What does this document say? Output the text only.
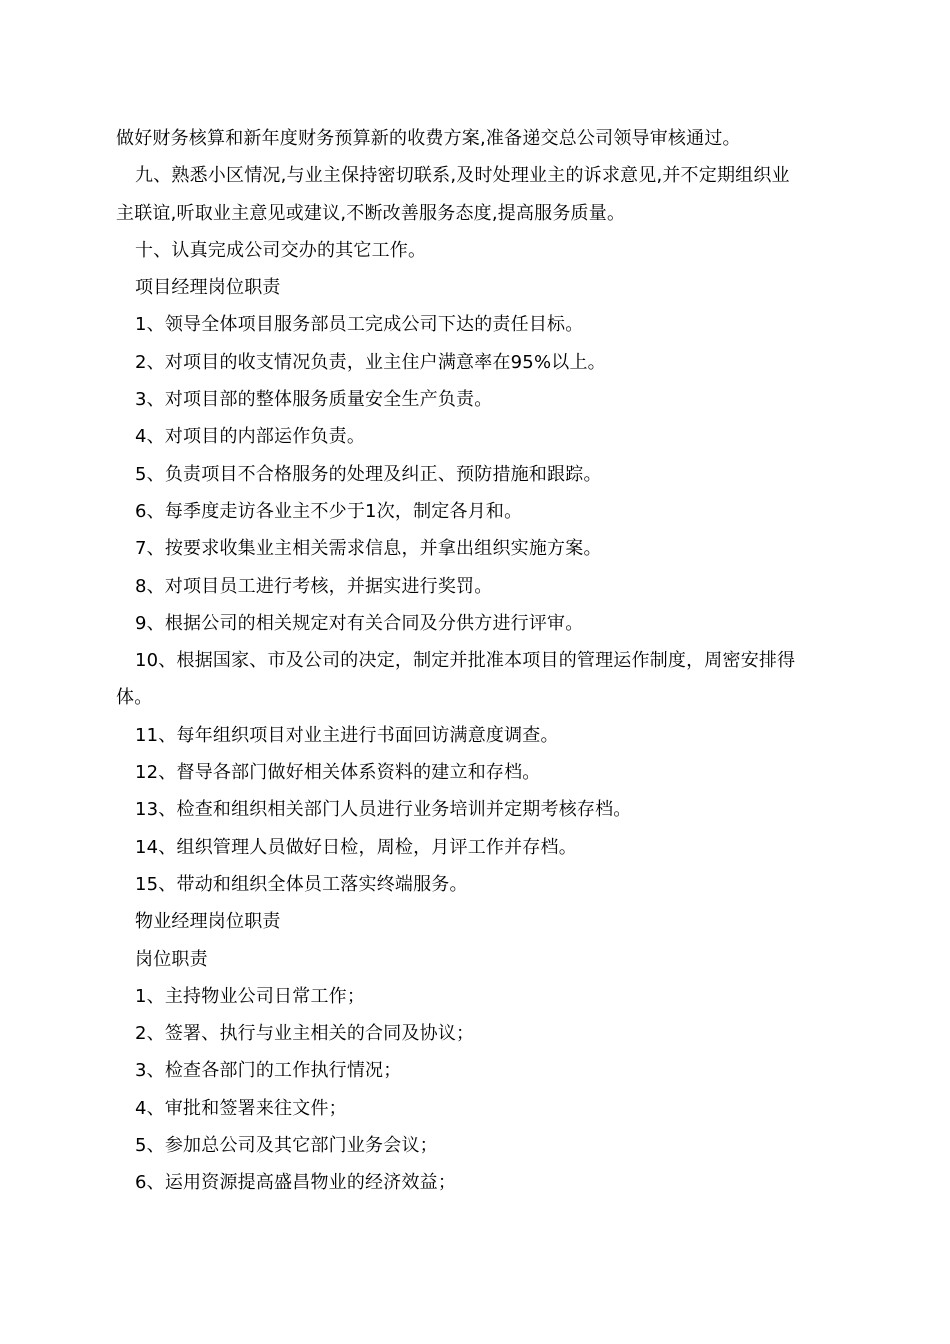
做好财务核算和新年度财务预算新的收费方案,准备递交总公司领导审核通过。
九、熟悉小区情况,与业主保持密切联系,及时处理业主的诉求意见,并不定期组织业
主联谊,听取业主意见或建议,不断改善服务态度,提高服务质量。
十、认真完成公司交办的其它工作。
项目经理岗位职责
1、领导全体项目服务部员工完成公司下达的责任目标。
2、对项目的收支情况负责，业主住户满意率在95%以上。
3、对项目部的整体服务质量安全生产负责。
4、对项目的内部运作负责。
5、负责项目不合格服务的处理及纠正、预防措施和跟踪。
6、每季度走访各业主不少于1次，制定各月和。
7、按要求收集业主相关需求信息，并拿出组织实施方案。
8、对项目员工进行考核，并据实进行奖罚。
9、根据公司的相关规定对有关合同及分供方进行评审。
10、根据国家、市及公司的决定，制定并批准本项目的管理运作制度，周密安排得
体。
11、每年组织项目对业主进行书面回访满意度调查。
12、督导各部门做好相关体系资料的建立和存档。
13、检查和组织相关部门人员进行业务培训并定期考核存档。
14、组织管理人员做好日检，周检，月评工作并存档。
15、带动和组织全体员工落实终端服务。
物业经理岗位职责
岗位职责
1、主持物业公司日常工作；
2、签署、执行与业主相关的合同及协议；
3、检查各部门的工作执行情况；
4、审批和签署来往文件；
5、参加总公司及其它部门业务会议；
6、运用资源提高盛昌物业的经济效益；
